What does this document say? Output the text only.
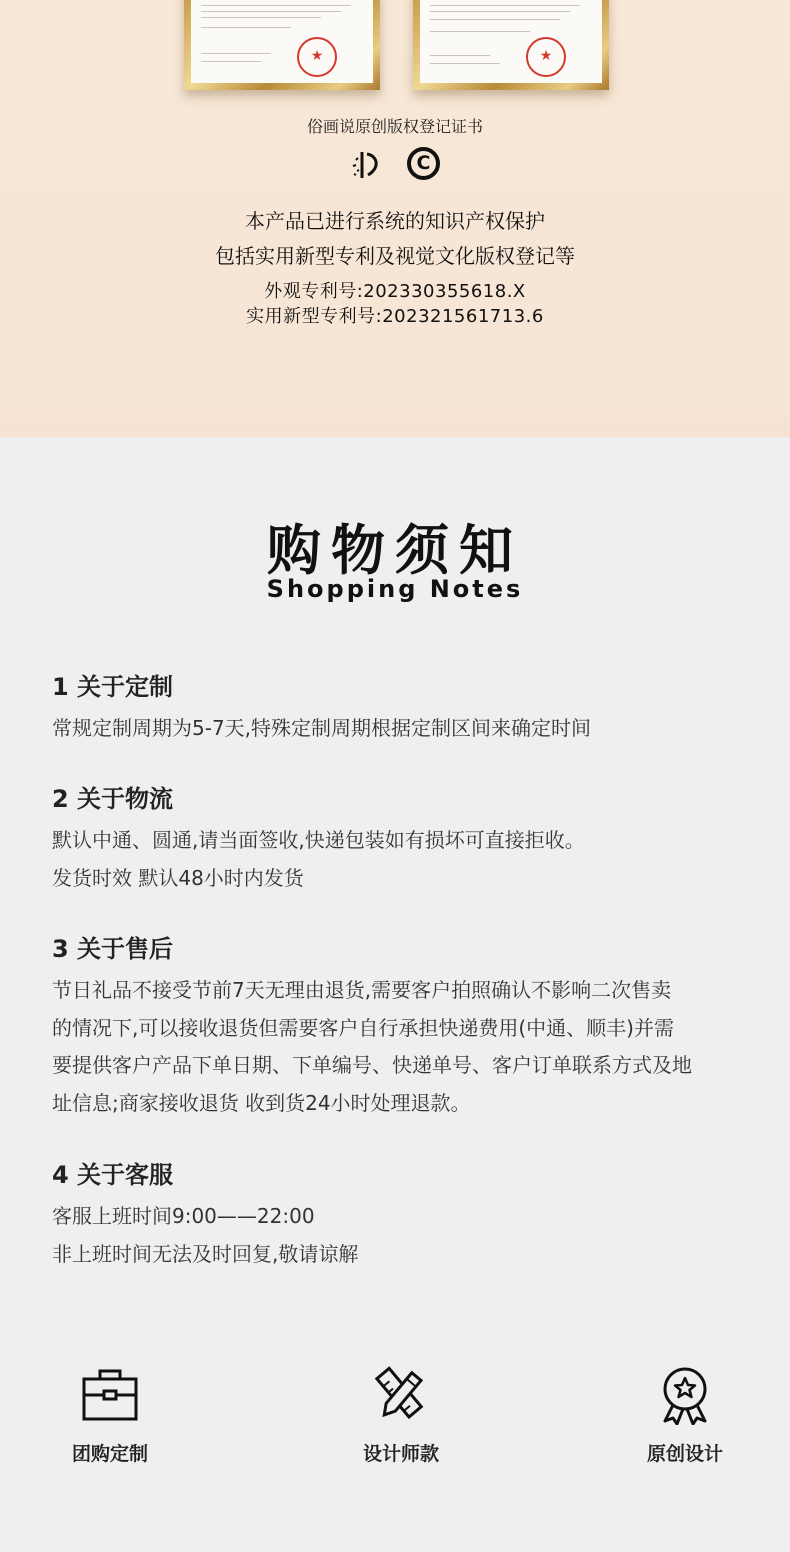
★	★
俗画说原创版权登记证书
C
本产品已进行系统的知识产权保护
包括实用新型专利及视觉文化版权登记等
外观专利号:202330355618.X
实用新型专利号:202321561713.6
购物须知
Shopping Notes
1 关于定制

常规定制周期为5-7天,特殊定制周期根据定制区间来确定时间

2 关于物流

默认中通、圆通,请当面签收,快递包装如有损坏可直接拒收。

发货时效 默认48小时内发货

3 关于售后

节日礼品不接受节前7天无理由退货,需要客户拍照确认不影响二次售卖

的情况下,可以接收退货但需要客户自行承担快递费用(中通、顺丰)并需

要提供客户产品下单日期、下单编号、快递单号、客户订单联系方式及地

址信息;商家接收退货 收到货24小时处理退款。

4 关于客服

客服上班时间9:00——22:00

非上班时间无法及时回复,敬请谅解

团购定制	设计师款	原创设计
